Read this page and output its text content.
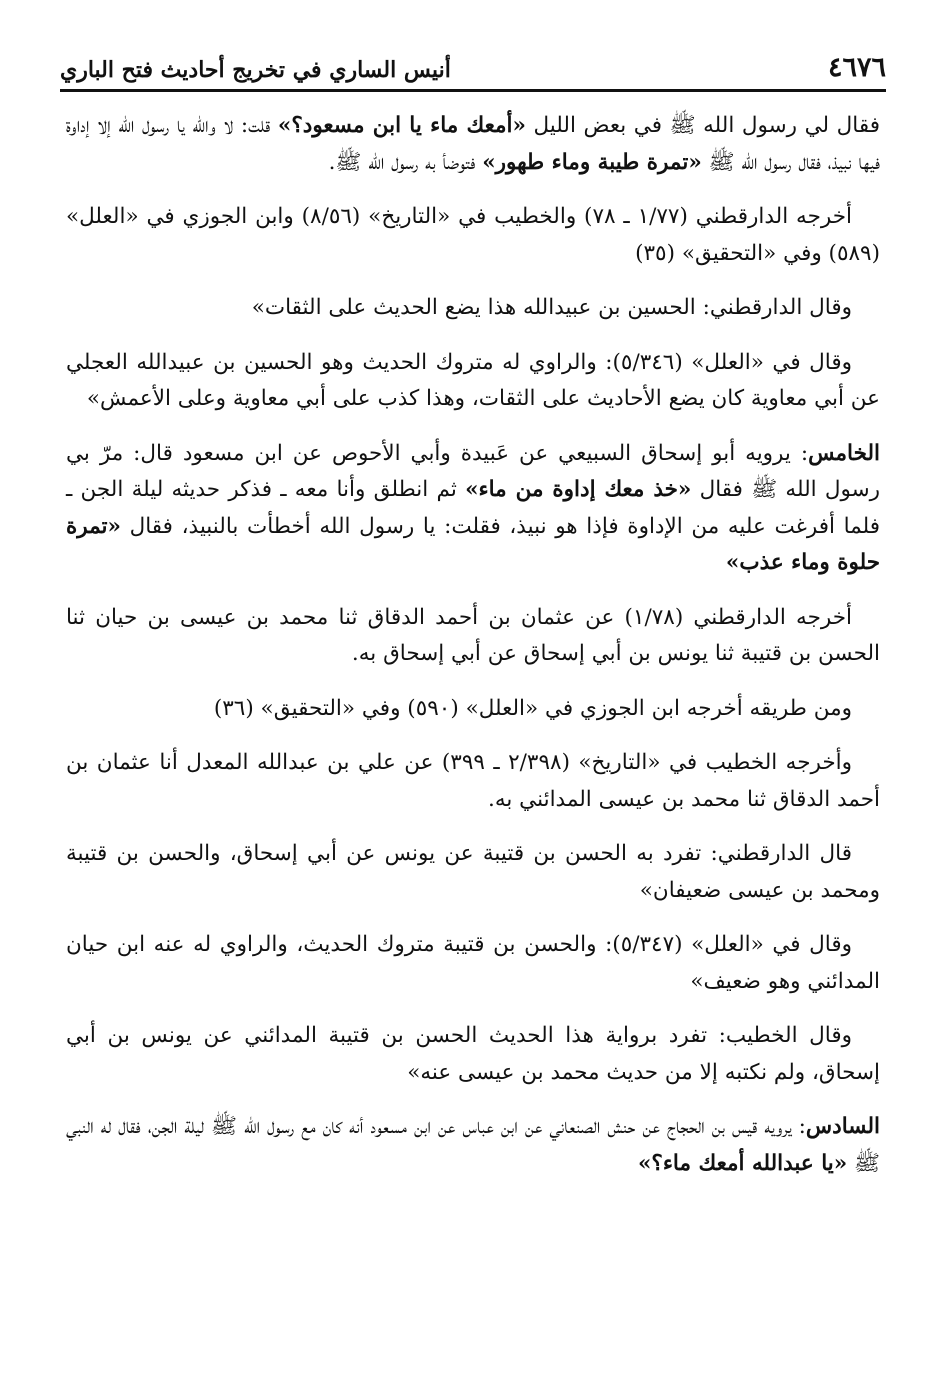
٤٦٧٦
أنيس الساري في تخريج أحاديث فتح الباري

فقال لي رسول الله ﷺ في بعض الليل «أمعك ماء يا ابن مسعود؟» قلت: لا والله يا رسول الله إلا إداوة فيها نبيذ، فقال رسول الله ﷺ «تمرة طيبة وماء طهور» فتوضأ به رسول الله ﷺ.

أخرجه الدارقطني (١/٧٧ ـ ٧٨) والخطيب في «التاريخ» (٨/٥٦) وابن الجوزي في «العلل» (٥٨٩) وفي «التحقيق» (٣٥)

وقال الدارقطني: الحسين بن عبيدالله هذا يضع الحديث على الثقات»

وقال في «العلل» (٥/٣٤٦): والراوي له متروك الحديث وهو الحسين بن عبيدالله العجلي عن أبي معاوية كان يضع الأحاديث على الثقات، وهذا كذب على أبي معاوية وعلى الأعمش»

الخامس: يرويه أبو إسحاق السبيعي عن عَبيدة وأبي الأحوص عن ابن مسعود قال: مرّ بي رسول الله ﷺ فقال «خذ معك إداوة من ماء» ثم انطلق وأنا معه ـ فذكر حديثه ليلة الجن ـ فلما أفرغت عليه من الإداوة فإذا هو نبيذ، فقلت: يا رسول الله أخطأت بالنبيذ، فقال «تمرة حلوة وماء عذب»

أخرجه الدارقطني (١/٧٨) عن عثمان بن أحمد الدقاق ثنا محمد بن عيسى بن حيان ثنا الحسن بن قتيبة ثنا يونس بن أبي إسحاق عن أبي إسحاق به.

ومن طريقه أخرجه ابن الجوزي في «العلل» (٥٩٠) وفي «التحقيق» (٣٦)

وأخرجه الخطيب في «التاريخ» (٢/٣٩٨ ـ ٣٩٩) عن علي بن عبدالله المعدل أنا عثمان بن أحمد الدقاق ثنا محمد بن عيسى المدائني به.

قال الدارقطني: تفرد به الحسن بن قتيبة عن يونس عن أبي إسحاق، والحسن بن قتيبة ومحمد بن عيسى ضعيفان»

وقال في «العلل» (٥/٣٤٧): والحسن بن قتيبة متروك الحديث، والراوي له عنه ابن حيان المدائني وهو ضعيف»

وقال الخطيب: تفرد برواية هذا الحديث الحسن بن قتيبة المدائني عن يونس بن أبي إسحاق، ولم نكتبه إلا من حديث محمد بن عيسى عنه»

السادس: يرويه قيس بن الحجاج عن حنش الصنعاني عن ابن عباس عن ابن مسعود أنه كان مع رسول الله ﷺ ليلة الجن، فقال له النبي ﷺ «يا عبدالله أمعك ماء؟»
